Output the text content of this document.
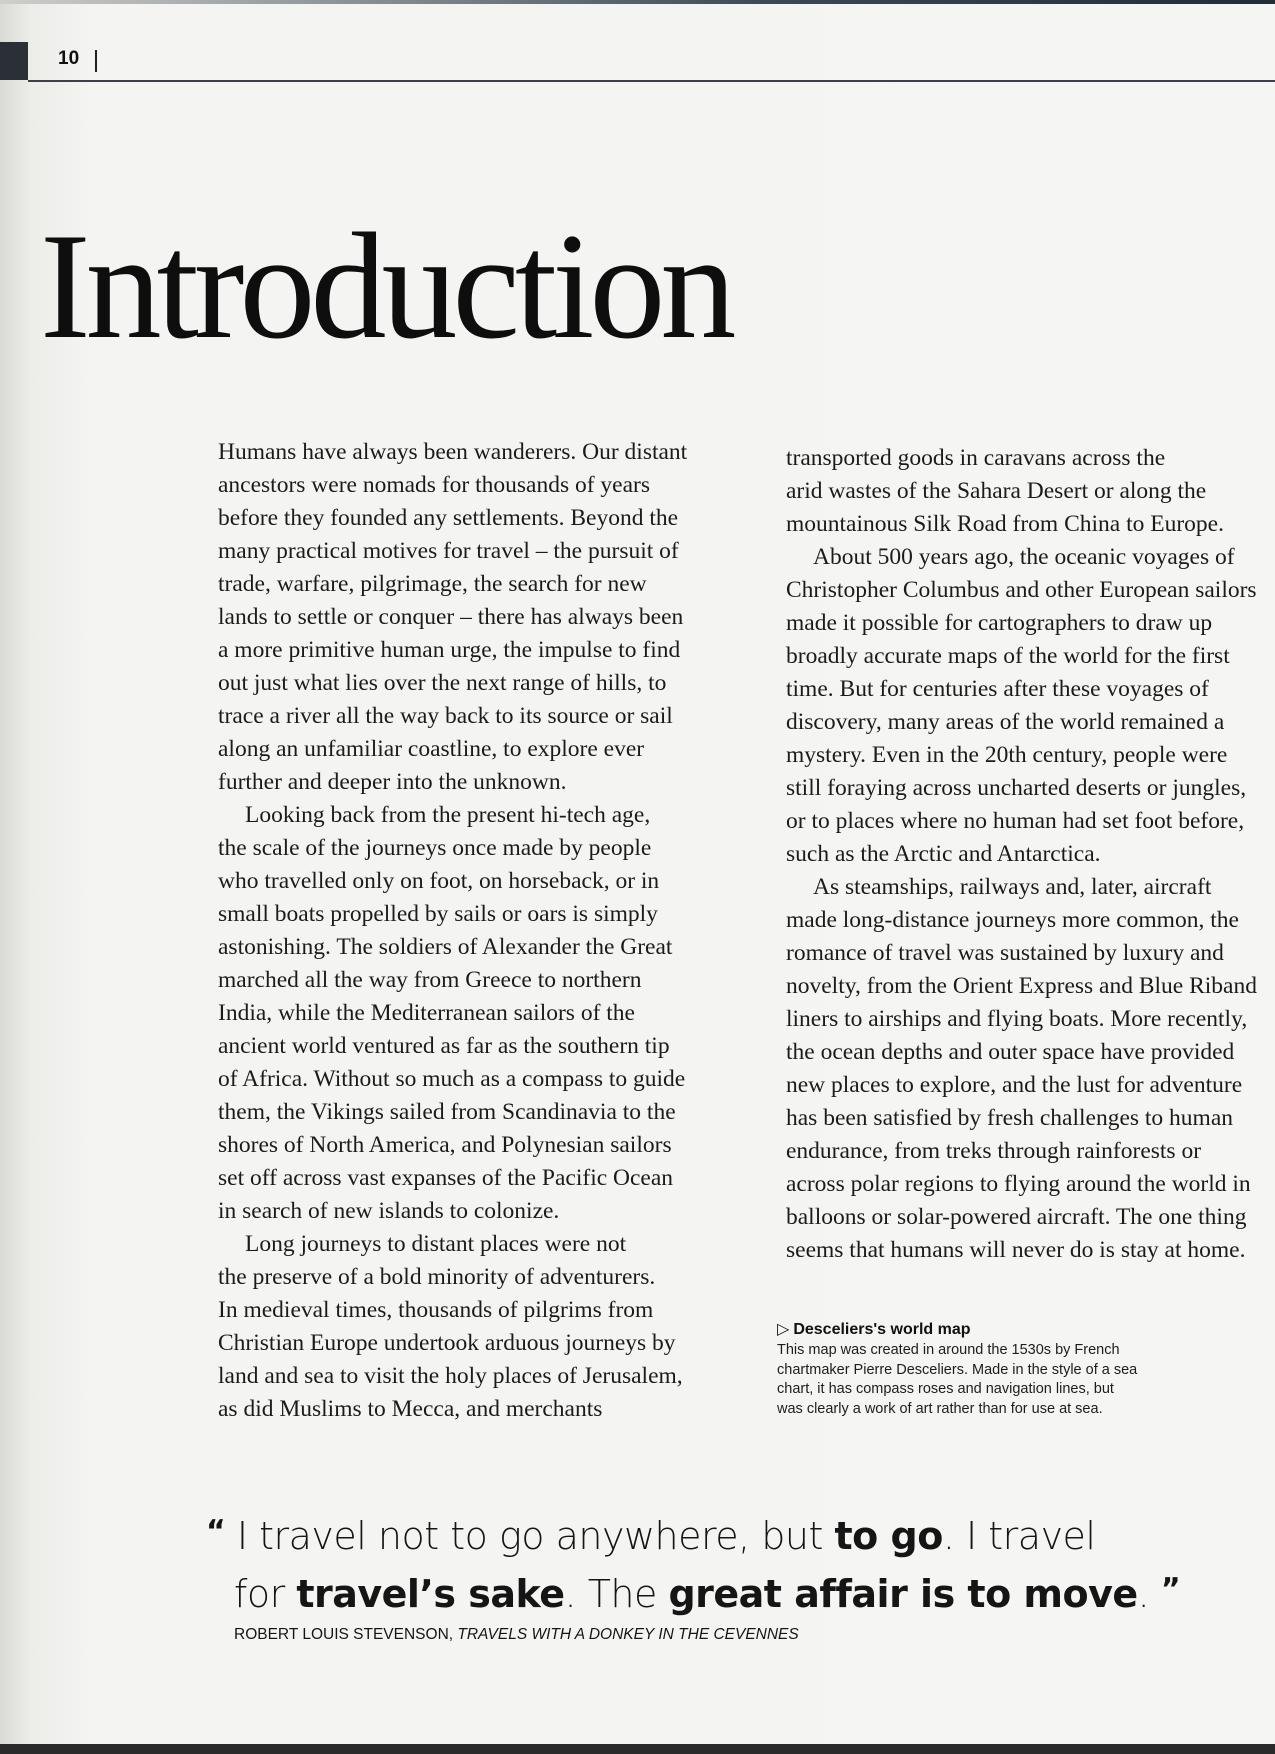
10
Introduction
Humans have always been wanderers. Our distant
ancestors were nomads for thousands of years
before they founded any settlements. Beyond the
many practical motives for travel – the pursuit of
trade, warfare, pilgrimage, the search for new
lands to settle or conquer – there has always been
a more primitive human urge, the impulse to find
out just what lies over the next range of hills, to
trace a river all the way back to its source or sail
along an unfamiliar coastline, to explore ever
further and deeper into the unknown.
Looking back from the present hi-tech age,
the scale of the journeys once made by people
who travelled only on foot, on horseback, or in
small boats propelled by sails or oars is simply
astonishing. The soldiers of Alexander the Great
marched all the way from Greece to northern
India, while the Mediterranean sailors of the
ancient world ventured as far as the southern tip
of Africa. Without so much as a compass to guide
them, the Vikings sailed from Scandinavia to the
shores of North America, and Polynesian sailors
set off across vast expanses of the Pacific Ocean
in search of new islands to colonize.
Long journeys to distant places were not
the preserve of a bold minority of adventurers.
In medieval times, thousands of pilgrims from
Christian Europe undertook arduous journeys by
land and sea to visit the holy places of Jerusalem,
as did Muslims to Mecca, and merchants
transported goods in caravans across the
arid wastes of the Sahara Desert or along the
mountainous Silk Road from China to Europe.
About 500 years ago, the oceanic voyages of
Christopher Columbus and other European sailors
made it possible for cartographers to draw up
broadly accurate maps of the world for the first
time. But for centuries after these voyages of
discovery, many areas of the world remained a
mystery. Even in the 20th century, people were
still foraying across uncharted deserts or jungles,
or to places where no human had set foot before,
such as the Arctic and Antarctica.
As steamships, railways and, later, aircraft
made long-distance journeys more common, the
romance of travel was sustained by luxury and
novelty, from the Orient Express and Blue Riband
liners to airships and flying boats. More recently,
the ocean depths and outer space have provided
new places to explore, and the lust for adventure
has been satisfied by fresh challenges to human
endurance, from treks through rainforests or
across polar regions to flying around the world in
balloons or solar-powered aircraft. The one thing
seems that humans will never do is stay at home.
▷ Desceliers's world map
This map was created in around the 1530s by French
chartmaker Pierre Desceliers. Made in the style of a sea
chart, it has compass roses and navigation lines, but
was clearly a work of art rather than for use at sea.
“ I travel not to go anywhere, but to go. I travel
for travel’s sake. The great affair is to move. ”
ROBERT LOUIS STEVENSON, TRAVELS WITH A DONKEY IN THE CEVENNES
